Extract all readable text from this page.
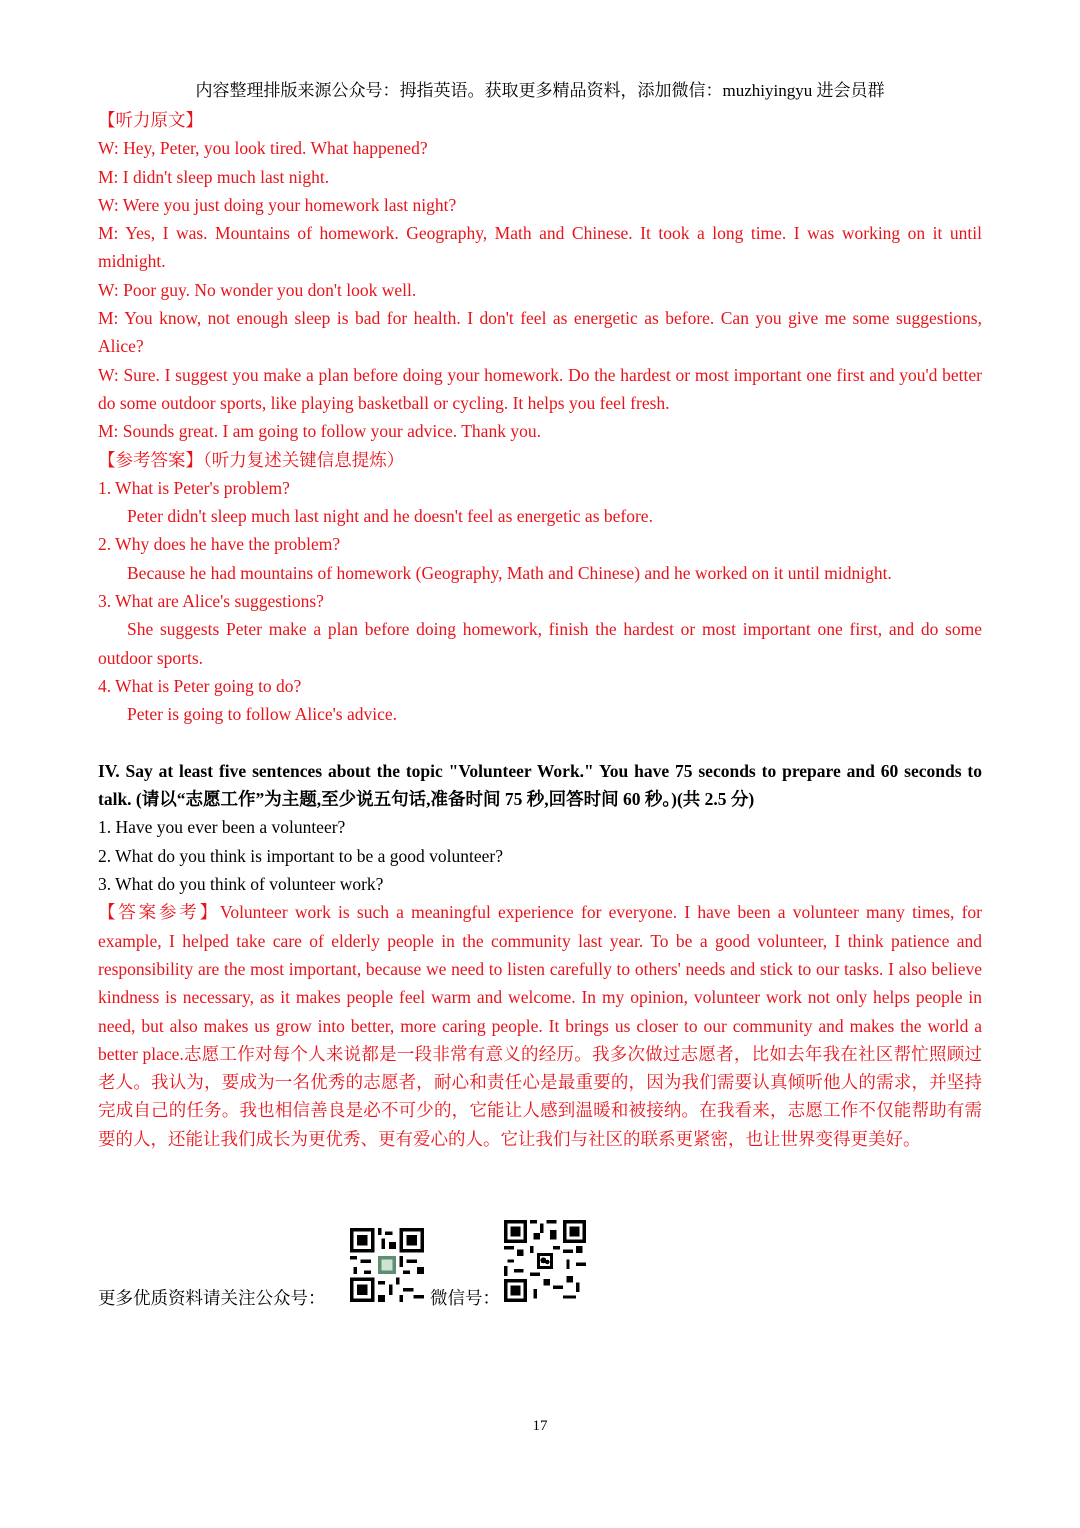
内容整理排版来源公众号：拇指英语。获取更多精品资料，添加微信：muzhiyingyu 进会员群

【听力原文】

W: Hey, Peter, you look tired. What happened?

M: I didn't sleep much last night.

W: Were you just doing your homework last night?

M: Yes, I was. Mountains of homework. Geography, Math and Chinese. It took a long time. I was working on it until midnight.

W: Poor guy. No wonder you don't look well.

M: You know, not enough sleep is bad for health. I don't feel as energetic as before. Can you give me some suggestions, Alice?

W: Sure. I suggest you make a plan before doing your homework. Do the hardest or most important one first and you'd better do some outdoor sports, like playing basketball or cycling. It helps you feel fresh.

M: Sounds great. I am going to follow your advice. Thank you.

【参考答案】（听力复述关键信息提炼）

1. What is Peter's problem?

Peter didn't sleep much last night and he doesn't feel as energetic as before.

2. Why does he have the problem?

Because he had mountains of homework (Geography, Math and Chinese) and he worked on it until midnight.

3. What are Alice's suggestions?

She suggests Peter make a plan before doing homework, finish the hardest or most important one first, and do some outdoor sports.

4. What is Peter going to do?

Peter is going to follow Alice's advice.

IV. Say at least five sentences about the topic "Volunteer Work." You have 75 seconds to prepare and 60 seconds to talk. (请以“志愿工作”为主题,至少说五句话,准备时间 75 秒,回答时间 60 秒。)(共 2.5 分)

1. Have you ever been a volunteer?

2. What do you think is important to be a good volunteer?

3. What do you think of volunteer work?

【答案参考】Volunteer work is such a meaningful experience for everyone. I have been a volunteer many times, for example, I helped take care of elderly people in the community last year. To be a good volunteer, I think patience and responsibility are the most important, because we need to listen carefully to others' needs and stick to our tasks. I also believe kindness is necessary, as it makes people feel warm and welcome. In my opinion, volunteer work not only helps people in need, but also makes us grow into better, more caring people. It brings us closer to our community and makes the world a better place.志愿工作对每个人来说都是一段非常有意义的经历。我多次做过志愿者，比如去年我在社区帮忙照顾过老人。我认为，要成为一名优秀的志愿者，耐心和责任心是最重要的，因为我们需要认真倾听他人的需求，并坚持完成自己的任务。我也相信善良是必不可少的，它能让人感到温暖和被接纳。在我看来，志愿工作不仅能帮助有需要的人，还能让我们成长为更优秀、更有爱心的人。它让我们与社区的联系更紧密，也让世界变得更美好。

更多优质资料请关注公众号：	微信号：
17
